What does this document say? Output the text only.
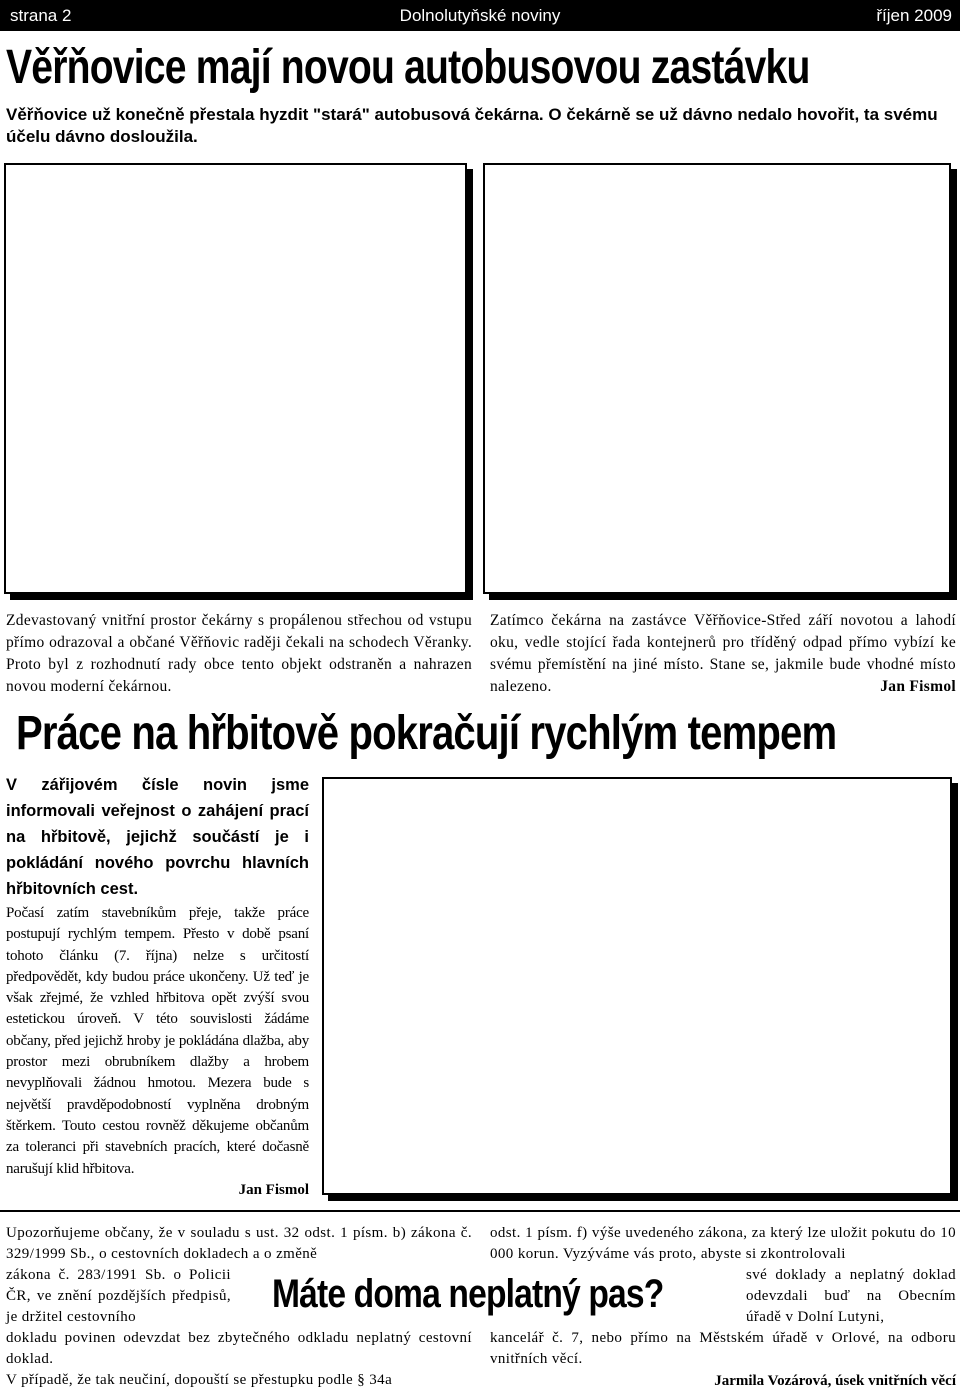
Dolnolutyňské noviny
strana 2	říjen 2009
Věřňovice mají novou autobusovou zastávku
Věřňovice už konečně přestala hyzdit "stará" autobusová čekárna. O čekárně se už dávno nedalo hovořit, ta svému účelu dávno dosloužila.
Zdevastovaný vnitřní prostor čekárny s propálenou střechou od vstupu přímo odrazoval a občané Věřňovic raději čekali na schodech Věranky. Proto byl z rozhodnutí rady obce tento objekt odstraněn a nahrazen novou moderní čekárnou.
Zatímco čekárna na zastávce Věřňovice-Střed září novotou a lahodí oku, vedle stojící řada kontejnerů pro tříděný odpad přímo vybízí ke svému přemístění na jiné místo. Stane se, jakmile bude vhodné místo nalezeno.	Jan Fismol
Práce na hřbitově pokračují rychlým tempem
V zářijovém čísle novin jsme informovali veřejnost o zahájení prací na hřbitově, jejichž součástí je i pokládání nového povrchu hlavních hřbitovních cest.
Počasí zatím stavebníkům přeje, takže práce postupují rychlým tempem. Přesto v době psaní tohoto článku (7. října) nelze s určitostí předpovědět, kdy budou práce ukončeny. Už teď je však zřejmé, že vzhled hřbitova opět zvýší svou estetickou úroveň. V této souvislosti žádáme občany, před jejichž hroby je pokládána dlažba, aby prostor mezi obrubníkem dlažby a hrobem nevyplňovali žádnou hmotou. Mezera bude s největší pravděpodobností vyplněna drobným štěrkem. Touto cestou rovněž děkujeme občanům za toleranci při stavebních pracích, které dočasně narušují klid hřbitova.
Jan Fismol

Upozorňujeme občany, že v souladu s ust. 32 odst. 1 písm. b) zákona č. 329/1999 Sb., o cestovních dokladech a o změně

zákona č. 283/1991 Sb. o Policii ČR, ve znění pozdějších předpisů, je držitel cestovního

dokladu povinen odevzdat bez zbytečného odkladu neplatný cestovní doklad.

V případě, že tak neučiní, dopouští se přestupku podle § 34a

odst. 1 písm. f) výše uvedeného zákona, za který lze uložit pokutu do 10 000 korun. Vyzýváme vás proto, abyste si zkontrolovali

své doklady a neplatný doklad odevzdali buď na Obecním úřadě v Dolní Lutyni,

kancelář č. 7, nebo přímo na Městském úřadě v Orlové, na odboru vnitřních věcí.

Jarmila Vozárová, úsek vnitřních věcí
Máte doma neplatný pas?
